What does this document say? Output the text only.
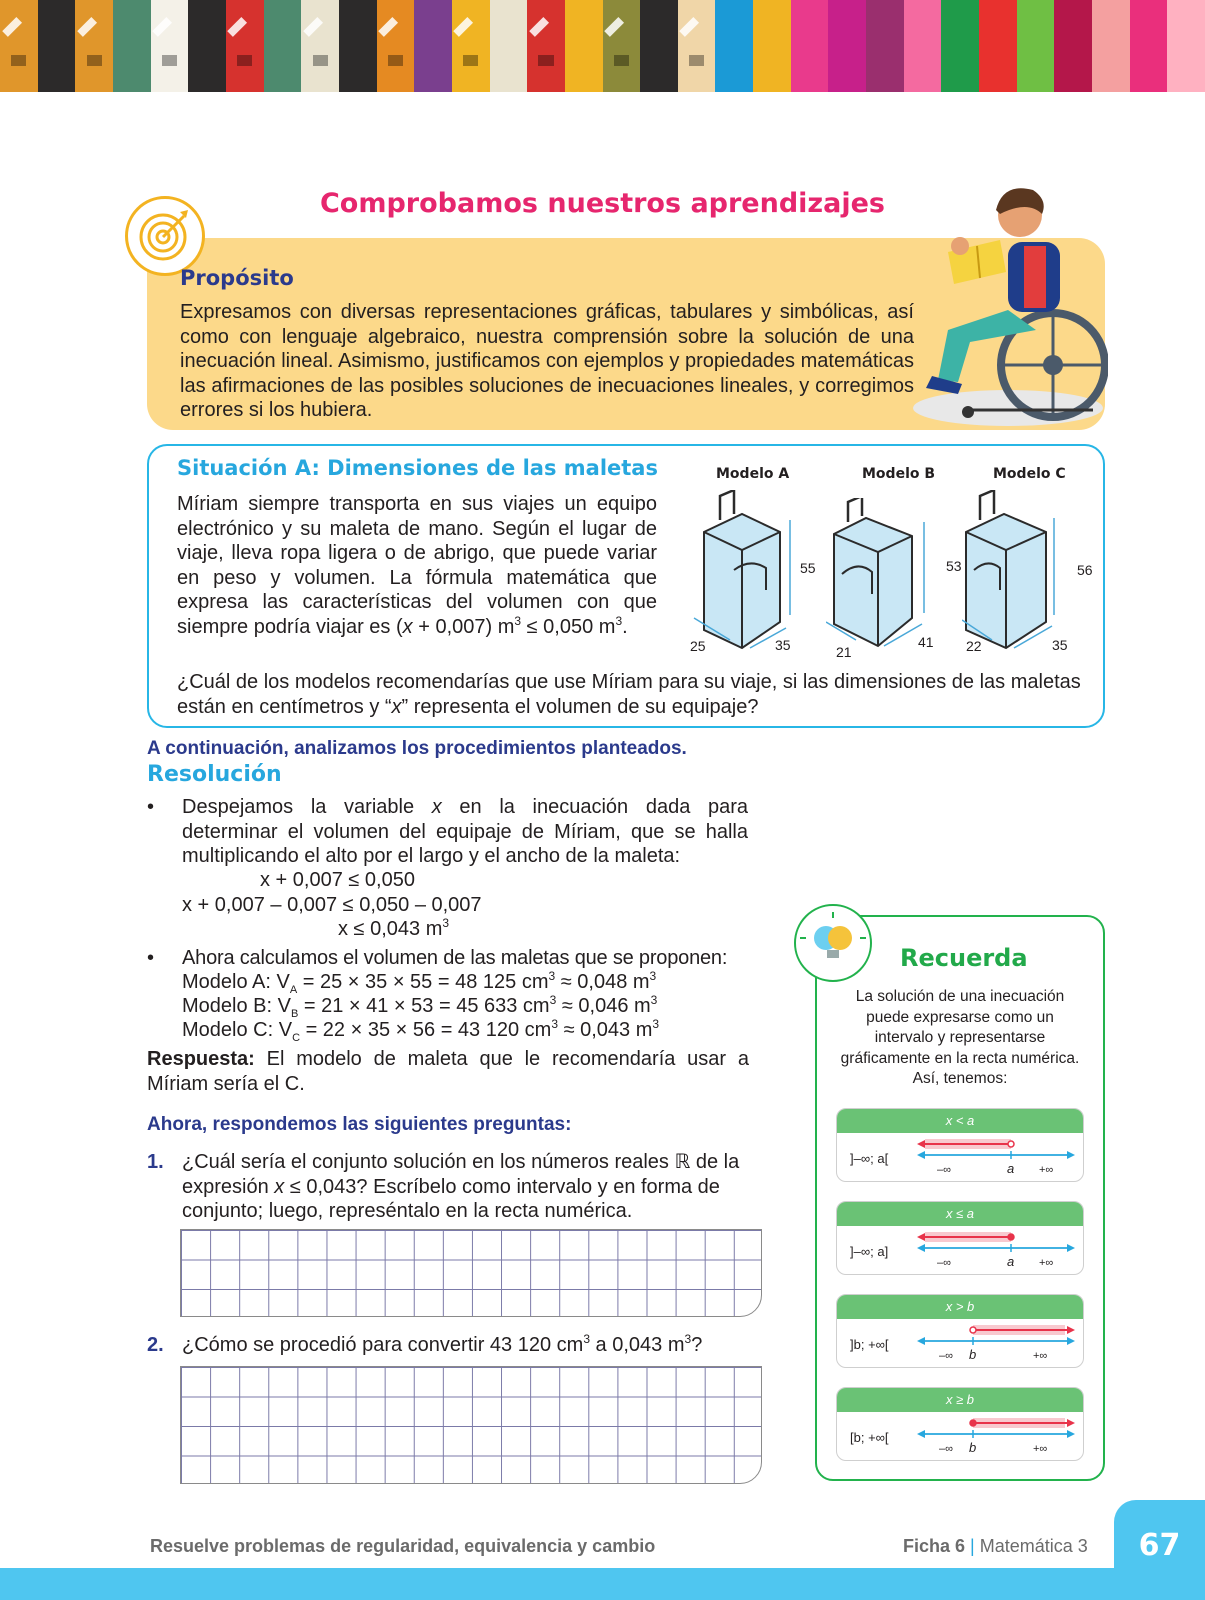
Comprobamos nuestros aprendizajes
Propósito
Expresamos con diversas representaciones gráficas, tabulares y simbólicas, así como con lenguaje algebraico, nuestra comprensión sobre la solución de una inecuación lineal. Asimismo, justificamos con ejemplos y propiedades matemáticas las afirmaciones de las posibles soluciones de inecuaciones lineales, y corregimos errores si los hubiera.
Situación A: Dimensiones de las maletas
Míriam siempre transporta en sus viajes un equipo electrónico y su maleta de mano. Según el lugar de viaje, lleva ropa ligera o de abrigo, que puede variar en peso y volumen. La fórmula matemática que expresa las características del volumen con que siempre podría viajar es (x + 0,007) $m^3 \le 0,050$ $m^3$.
Modelo A	Modelo B	Modelo C
55
25	35
53
21
41
56
22	35
¿Cuál de los modelos recomendarías que use Míriam para su viaje, si las dimensiones de las maletas están en centímetros y “x” representa el volumen de su equipaje?
A continuación, analizamos los procedimientos planteados.
Resolución
• Despejamos la variable x en la inecuación dada para determinar el volumen del equipaje de Míriam, que se halla multiplicando el alto por el largo y el ancho de la maleta:
x + 0,007 ≤ 0,050
x + 0,007 – 0,007 ≤ 0,050 – 0,007
x ≤ 0,043 $m^3$
• Ahora calculamos el volumen de las maletas que se proponen:
Modelo A: $V_A = 25 \times 35 \times 55 = 48$ 125 $cm^3 \approx 0,048$ $m^3$
Modelo B: $V_B = 21 \times 41 \times 53 = 45$ 633 $cm^3 \approx 0,046$ $m^3$
Modelo C: $V_C = 22 \times 35 \times 56 = 43$ 120 $cm^3 \approx 0,043$ $m^3$
Respuesta: El modelo de maleta que le recomendaría usar a Míriam sería el C.
Ahora, respondemos las siguientes preguntas:
1. ¿Cuál sería el conjunto solución en los números reales ℝ de la expresión x ≤ 0,043? Escríbelo como intervalo y en forma de conjunto; luego, represéntalo en la recta numérica.
2. ¿Cómo se procedió para convertir 43 120 $cm^3$ a 0,043 $m^3$?
Recuerda
La solución de una inecuación puede expresarse como un intervalo y representarse gráficamente en la recta numérica. Así, tenemos:
x < a
]–∞; a[
–∞	a +∞
x ≤ a
]–∞; a]
–∞	a +∞
x > b
]b; +∞[
–∞ b	+∞
x ≥ b
[b; +∞[
–∞ b	+∞
67
Resuelve problemas de regularidad, equivalencia y cambio	Ficha 6 | Matemática 3
